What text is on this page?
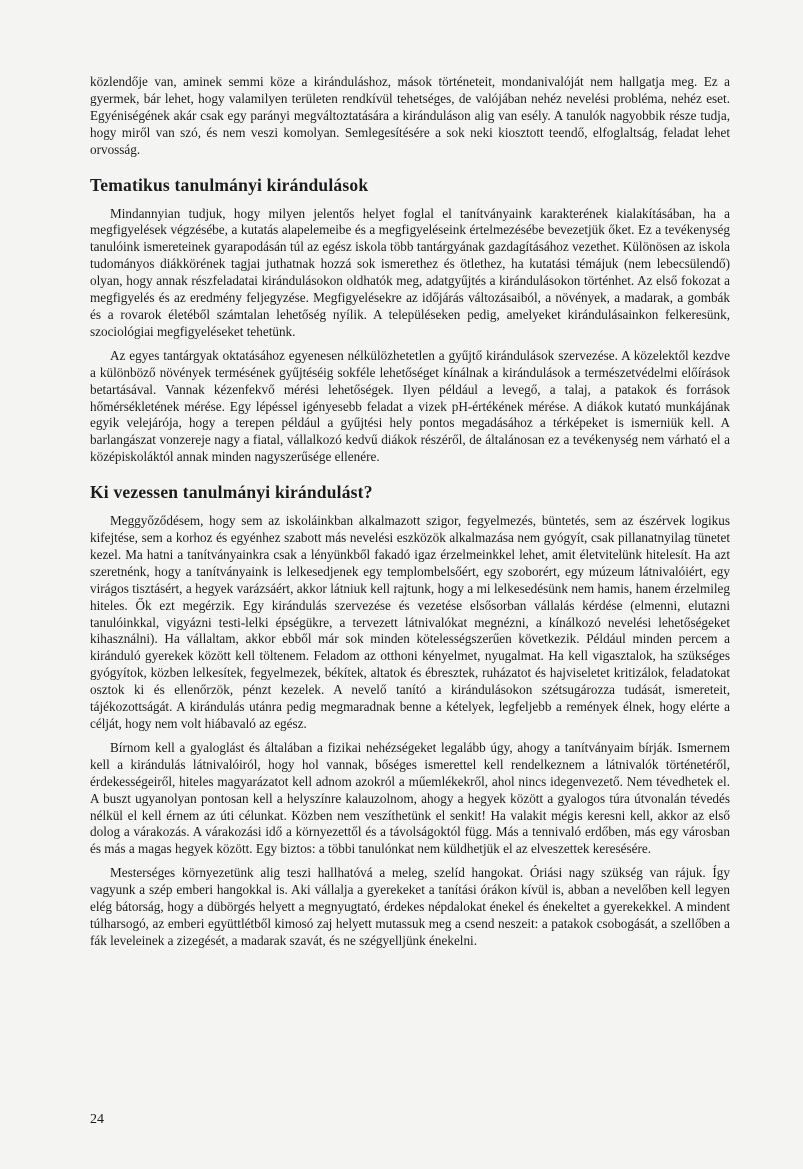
közlendője van, aminek semmi köze a kiránduláshoz, mások történeteit, mondanivalóját nem hallgatja meg. Ez a gyermek, bár lehet, hogy valamilyen területen rendkívül tehetséges, de valójában nehéz nevelési probléma, nehéz eset. Egyéniségének akár csak egy parányi megváltoztatására a kiránduláson alig van esély. A tanulók nagyobbik része tudja, hogy miről van szó, és nem veszi komolyan. Semlegesítésére a sok neki kiosztott teendő, elfoglaltság, feladat lehet orvosság.

Tematikus tanulmányi kirándulások

Mindannyian tudjuk, hogy milyen jelentős helyet foglal el tanítványaink karakterének kialakításában, ha a megfigyelések végzésébe, a kutatás alapelemeibe és a megfigyeléseink értelmezésébe bevezetjük őket. Ez a tevékenység tanulóink ismereteinek gyarapodásán túl az egész iskola több tantárgyának gazdagításához vezethet. Különösen az iskola tudományos diákkörének tagjai juthatnak hozzá sok ismerethez és ötlethez, ha kutatási témájuk (nem lebecsülendő) olyan, hogy annak részfeladatai kirándulásokon oldhatók meg, adatgyűjtés a kirándulásokon történhet. Az első fokozat a megfigyelés és az eredmény feljegyzése. Megfigyelésekre az időjárás változásaiból, a növények, a madarak, a gombák és a rovarok életéből számtalan lehetőség nyílik. A településeken pedig, amelyeket kirándulásainkon felkeresünk, szociológiai megfigyeléseket tehetünk.

Az egyes tantárgyak oktatásához egyenesen nélkülözhetetlen a gyűjtő kirándulások szervezése. A közelektől kezdve a különböző növények termésének gyűjtéséig sokféle lehetőséget kínálnak a kirándulások a természetvédelmi előírások betartásával. Vannak kézenfekvő mérési lehetőségek. Ilyen például a levegő, a talaj, a patakok és források hőmérsékletének mérése. Egy lépéssel igényesebb feladat a vizek pH-értékének mérése. A diákok kutató munkájának egyik velejárója, hogy a terepen például a gyűjtési hely pontos megadásához a térképeket is ismerniük kell. A barlangászat vonzereje nagy a fiatal, vállalkozó kedvű diákok részéről, de általánosan ez a tevékenység nem várható el a középiskoláktól annak minden nagyszerűsége ellenére.

Ki vezessen tanulmányi kirándulást?

Meggyőződésem, hogy sem az iskoláinkban alkalmazott szigor, fegyelmezés, büntetés, sem az észérvek logikus kifejtése, sem a korhoz és egyénhez szabott más nevelési eszközök alkalmazása nem gyógyít, csak pillanatnyilag tünetet kezel. Ma hatni a tanítványainkra csak a lényünkből fakadó igaz érzelmeinkkel lehet, amit életvitelünk hitelesít. Ha azt szeretnénk, hogy a tanítványaink is lelkesedjenek egy templombelsőért, egy szoborért, egy múzeum látnivalóiért, egy virágos tisztásért, a hegyek varázsáért, akkor látniuk kell rajtunk, hogy a mi lelkesedésünk nem hamis, hanem érzelmileg hiteles. Ők ezt megérzik. Egy kirándulás szervezése és vezetése elsősorban vállalás kérdése (elmenni, elutazni tanulóinkkal, vigyázni testi-lelki épségükre, a tervezett látnivalókat megnézni, a kínálkozó nevelési lehetőségeket kihasználni). Ha vállaltam, akkor ebből már sok minden kötelességszerűen következik. Például minden percem a kiránduló gyerekek között kell töltenem. Feladom az otthoni kényelmet, nyugalmat. Ha kell vigasztalok, ha szükséges gyógyítok, közben lelkesítek, fegyelmezek, békítek, altatok és ébresztek, ruházatot és hajviseletet kritizálok, feladatokat osztok ki és ellenőrzök, pénzt kezelek. A nevelő tanító a kirándulásokon szétsugározza tudását, ismereteit, tájékozottságát. A kirándulás utánra pedig megmaradnak benne a kételyek, legfeljebb a remények élnek, hogy elérte a célját, hogy nem volt hiábavaló az egész.

Bírnom kell a gyaloglást és általában a fizikai nehézségeket legalább úgy, ahogy a tanítványaim bírják. Ismernem kell a kirándulás látnivalóiról, hogy hol vannak, bőséges ismerettel kell rendelkeznem a látnivalók történetéről, érdekességeiről, hiteles magyarázatot kell adnom azokról a műemlékekről, ahol nincs idegenvezető. Nem tévedhetek el. A buszt ugyanolyan pontosan kell a helyszínre kalauzolnom, ahogy a hegyek között a gyalogos túra útvonalán tévedés nélkül el kell érnem az úti célunkat. Közben nem veszíthetünk el senkit! Ha valakit mégis keresni kell, akkor az első dolog a várakozás. A várakozási idő a környezettől és a távolságoktól függ. Más a tennivaló erdőben, más egy városban és más a magas hegyek között. Egy biztos: a többi tanulónkat nem küldhetjük el az elveszettek keresésére.

Mesterséges környezetünk alig teszi hallhatóvá a meleg, szelíd hangokat. Óriási nagy szükség van rájuk. Így vagyunk a szép emberi hangokkal is. Aki vállalja a gyerekeket a tanítási órákon kívül is, abban a nevelőben kell legyen elég bátorság, hogy a dübörgés helyett a megnyugtató, érdekes népdalokat énekel és énekeltet a gyerekekkel. A mindent túlharsogó, az emberi együttlétből kimosó zaj helyett mutassuk meg a csend neszeit: a patakok csobogását, a szellőben a fák leveleinek a zizegését, a madarak szavát, és ne szégyelljünk énekelni.

24
